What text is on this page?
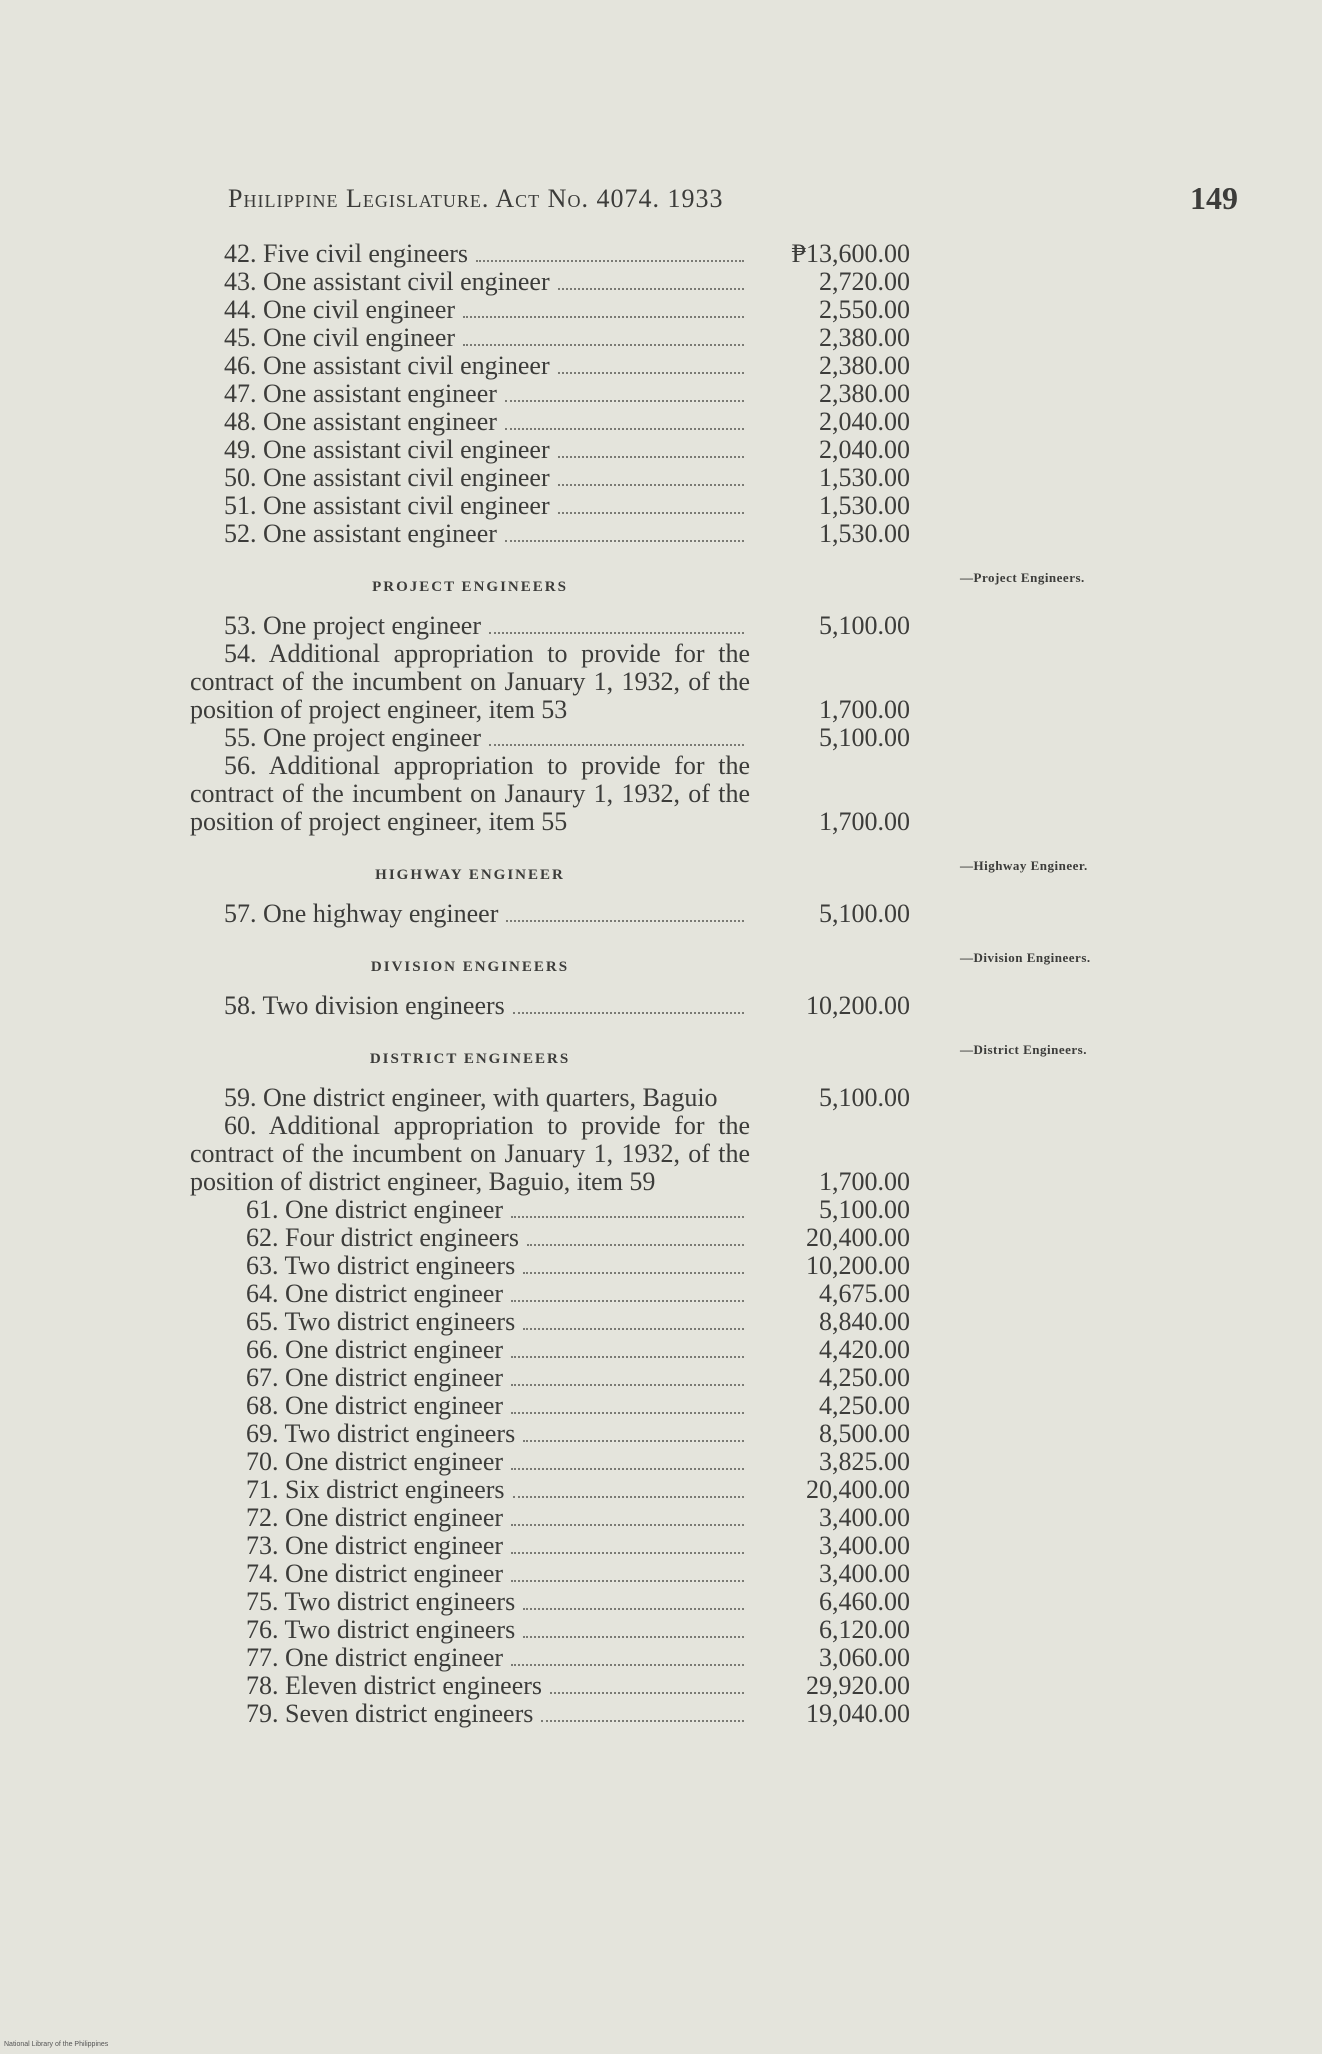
Philippine Legislature. Act No. 4074. 1933	149
42. Five civil engineers	₱13,600.00
43. One assistant civil engineer	2,720.00
44. One civil engineer	2,550.00
45. One civil engineer	2,380.00
46. One assistant civil engineer	2,380.00
47. One assistant engineer	2,380.00
48. One assistant engineer	2,040.00
49. One assistant civil engineer	2,040.00
50. One assistant civil engineer	1,530.00
51. One assistant civil engineer	1,530.00
52. One assistant engineer	1,530.00
PROJECT ENGINEERS
—Project Engineers.
53. One project engineer	5,100.00
54. Additional appropriation to provide for the contract of the incumbent on January 1, 1932, of the position of project engineer, item 53	1,700.00
55. One project engineer	5,100.00
56. Additional appropriation to provide for the contract of the incumbent on Janaury 1, 1932, of the position of project engineer, item 55	1,700.00
HIGHWAY ENGINEER
—Highway Engineer.
57. One highway engineer	5,100.00
DIVISION ENGINEERS
—Division Engineers.
58. Two division engineers	10,200.00
DISTRICT ENGINEERS
—District Engineers.
59. One district engineer, with quarters, Baguio	5,100.00
60. Additional appropriation to provide for the contract of the incumbent on January 1, 1932, of the position of district engineer, Baguio, item 59	1,700.00
61. One district engineer	5,100.00
62. Four district engineers	20,400.00
63. Two district engineers	10,200.00
64. One district engineer	4,675.00
65. Two district engineers	8,840.00
66. One district engineer	4,420.00
67. One district engineer	4,250.00
68. One district engineer	4,250.00
69. Two district engineers	8,500.00
70. One district engineer	3,825.00
71. Six district engineers	20,400.00
72. One district engineer	3,400.00
73. One district engineer	3,400.00
74. One district engineer	3,400.00
75. Two district engineers	6,460.00
76. Two district engineers	6,120.00
77. One district engineer	3,060.00
78. Eleven district engineers	29,920.00
79. Seven district engineers	19,040.00
National Library of the Philippines
